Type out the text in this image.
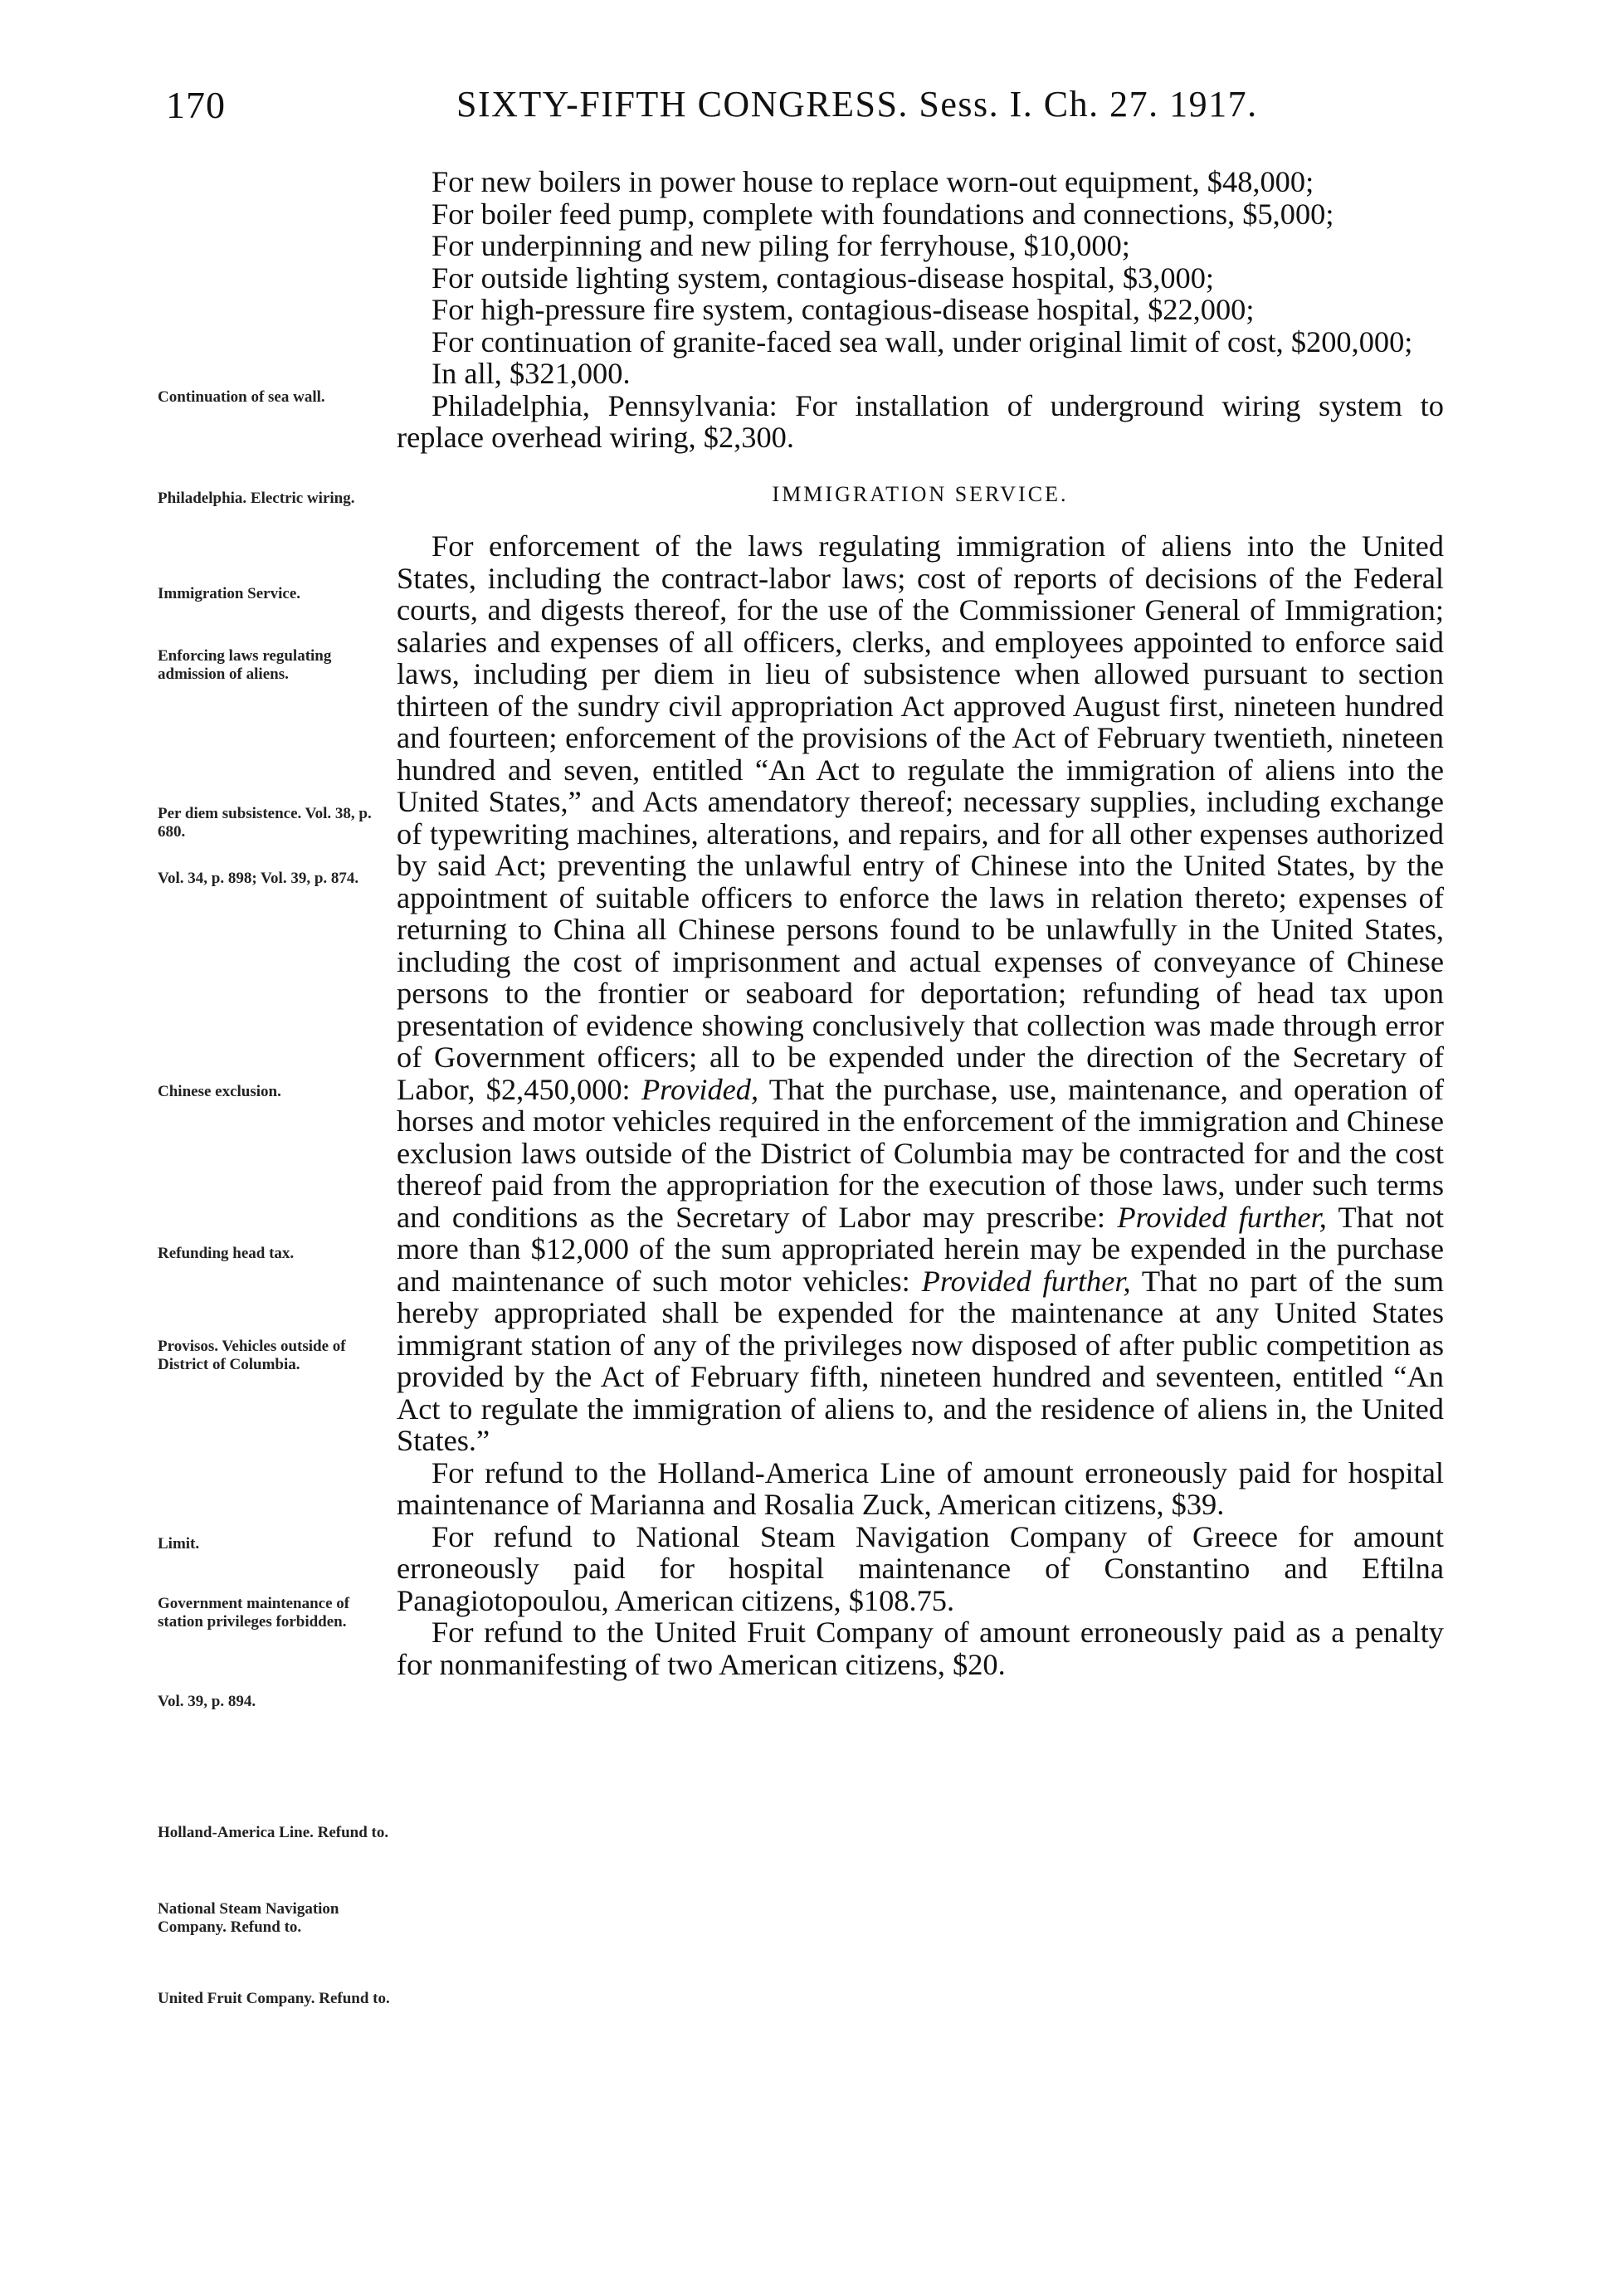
170	SIXTY-FIFTH CONGRESS. Sess. I. Ch. 27. 1917.
Continuation of sea wall.
Philadelphia. Electric wiring.
Immigration Service.
Enforcing laws regulating admission of aliens.
Per diem subsistence. Vol. 38, p. 680.
Vol. 34, p. 898; Vol. 39, p. 874.
Chinese exclusion.
Refunding head tax.
Provisos. Vehicles outside of District of Columbia.
Limit.
Government maintenance of station privileges forbidden.
Vol. 39, p. 894.
Holland-America Line. Refund to.
National Steam Navigation Company. Refund to.
United Fruit Company. Refund to.

For new boilers in power house to replace worn-out equipment, $48,000;

For boiler feed pump, complete with foundations and connections, $5,000;

For underpinning and new piling for ferryhouse, $10,000;

For outside lighting system, contagious-disease hospital, $3,000;

For high-pressure fire system, contagious-disease hospital, $22,000;

For continuation of granite-faced sea wall, under original limit of cost, $200,000;

In all, $321,000.

Philadelphia, Pennsylvania: For installation of underground wiring system to replace overhead wiring, $2,300.

IMMIGRATION SERVICE.

For enforcement of the laws regulating immigration of aliens into the United States, including the contract-labor laws; cost of reports of decisions of the Federal courts, and digests thereof, for the use of the Commissioner General of Immigration; salaries and expenses of all officers, clerks, and employees appointed to enforce said laws, including per diem in lieu of subsistence when allowed pursuant to section thirteen of the sundry civil appropriation Act approved August first, nineteen hundred and fourteen; enforcement of the provisions of the Act of February twentieth, nineteen hundred and seven, entitled “An Act to regulate the immigration of aliens into the United States,” and Acts amendatory thereof; necessary supplies, including exchange of typewriting machines, alterations, and repairs, and for all other expenses authorized by said Act; preventing the unlawful entry of Chinese into the United States, by the appointment of suitable officers to enforce the laws in relation thereto; expenses of returning to China all Chinese persons found to be unlawfully in the United States, including the cost of imprisonment and actual expenses of conveyance of Chinese persons to the frontier or seaboard for deportation; refunding of head tax upon presentation of evidence showing conclusively that collection was made through error of Government officers; all to be expended under the direction of the Secretary of Labor, $2,450,000: Provided, That the purchase, use, maintenance, and operation of horses and motor vehicles required in the enforcement of the immigration and Chinese exclusion laws outside of the District of Columbia may be contracted for and the cost thereof paid from the appropriation for the execution of those laws, under such terms and conditions as the Secretary of Labor may prescribe: Provided further, That not more than $12,000 of the sum appropriated herein may be expended in the purchase and maintenance of such motor vehicles: Provided further, That no part of the sum hereby appropriated shall be expended for the maintenance at any United States immigrant station of any of the privileges now disposed of after public competition as provided by the Act of February fifth, nineteen hundred and seventeen, entitled “An Act to regulate the immigration of aliens to, and the residence of aliens in, the United States.”

For refund to the Holland-America Line of amount erroneously paid for hospital maintenance of Marianna and Rosalia Zuck, American citizens, $39.

For refund to National Steam Navigation Company of Greece for amount erroneously paid for hospital maintenance of Constantino and Eftilna Panagiotopoulou, American citizens, $108.75.

For refund to the United Fruit Company of amount erroneously paid as a penalty for nonmanifesting of two American citizens, $20.
